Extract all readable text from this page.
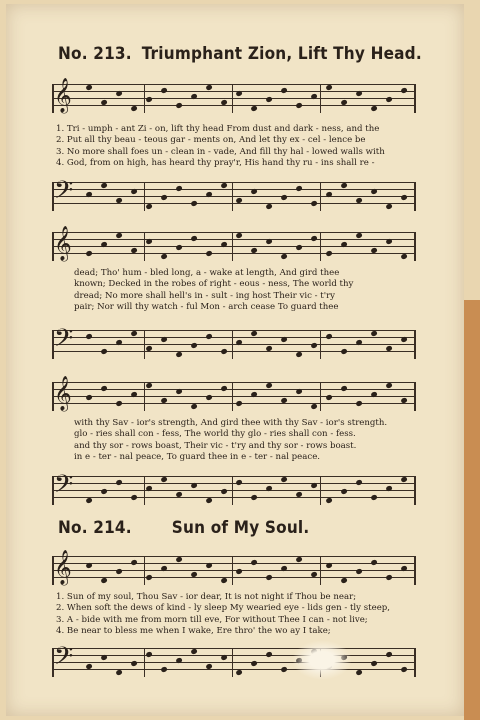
No. 213. Triumphant Zion, Lift Thy Head.
𝄞
1. Tri - umph - ant Zi - on, lift thy head From dust and dark - ness, and the
2. Put all thy beau - teous gar - ments on, And let thy ex - cel - lence be
3. No more shall foes un - clean in - vade, And fill thy hal - lowed walls with
4. God, from on high, has heard thy pray'r, His hand thy ru - ins shall re -
𝄢
𝄞
dead; Tho' hum - bled long, a - wake at length, And gird thee
known; Decked in the robes of right - eous - ness, The world thy
dread; No more shall hell's in - sult - ing host Their vic - t'ry
pair; Nor will thy watch - ful Mon - arch cease To guard thee
𝄢
𝄞
with thy Sav - ior's strength, And gird thee with thy Sav - ior's strength.
glo - ries shall con - fess, The world thy glo - ries shall con - fess.
and thy sor - rows boast, Their vic - t'ry and thy sor - rows boast.
in e - ter - nal peace, To guard thee in e - ter - nal peace.
𝄢
No. 214. Sun of My Soul.
𝄞
1. Sun of my soul, Thou Sav - ior dear, It is not night if Thou be near;
2. When soft the dews of kind - ly sleep My wearied eye - lids gen - tly steep,
3. A - bide with me from morn till eve, For without Thee I can - not live;
4. Be near to bless me when I wake, Ere thro' the wo ay I take;
𝄢
